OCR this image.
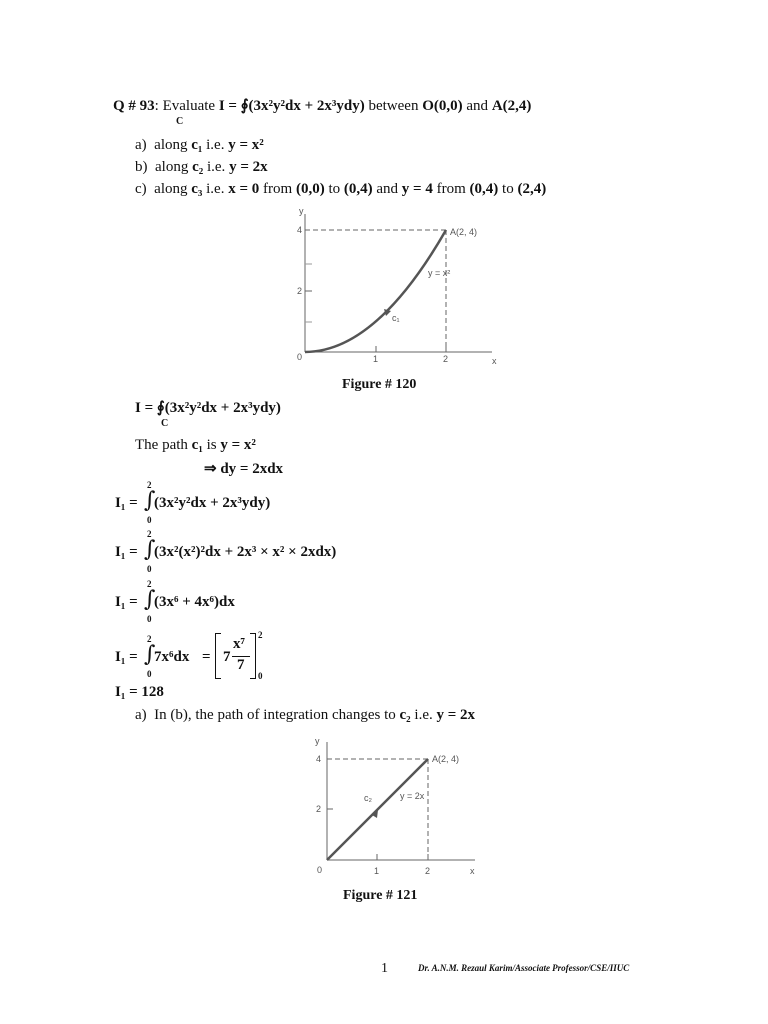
Q # 93: Evaluate I = ∮(3x²y²dx + 2x³ydy) between O(0,0) and A(2,4)
C
a) along c₁ i.e. y = x²
b) along c₂ i.e. y = 2x
c) along c₃ i.e. x = 0 from (0,0) to (0,4) and y = 4 from (0,4) to (2,4)
y
x
4
2
0	1	2
A(2, 4)
y = x²
c₁
Figure # 120
I = ∮(3x²y²dx + 2x³ydy)
C
The path c₁ is y = x²
⇒ dy = 2xdx
I₁ =
2
∫
0
(3x²y²dx + 2x³ydy)
I₁ =
2
∫
0
(3x²(x²)²dx + 2x³ × x² × 2xdx)
I₁ =
2
∫
0
(3x⁶ + 4x⁶)dx
I₁ =
2
∫
0
7x⁶dx = 7
x⁷
7
2
0
I₁ = 128
a) In (b), the path of integration changes to c₂ i.e. y = 2x
y
x
4
2
0	1	2
A(2, 4)
y = 2x
c₂
Figure # 121
1	Dr. A.N.M. Rezaul Karim/Associate Professor/CSE/IIUC
